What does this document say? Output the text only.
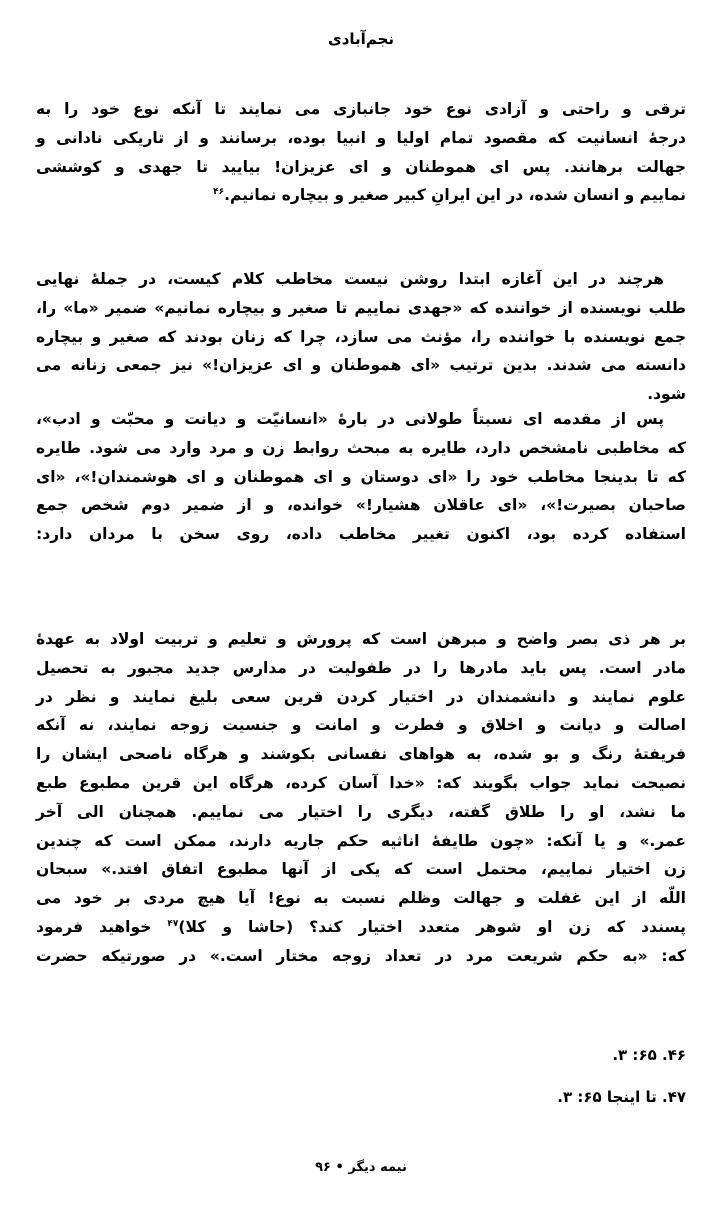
نجم‌آبادی
ترقی و راحتی و آزادی نوع خود جانبازی می نمایند تا آنکه نوع خود را به
درجهٔ انسانیت که مقصود تمام اولیا و انبیا بوده، برسانند و از تاریکی نادانی و
جهالت برهانند. پس ای هموطنان و ای عزیزان! بیایید تا جهدی و کوششی
نماییم و انسان شده، در این ایرانِ کبیر صغیر و بیچاره نمانیم.$^{۴۶}$
هرچند در این آغازه ابتدا روشن نیست مخاطب کلام کیست، در جملهٔ نهایی
طلب نویسنده از خواننده که «جهدی نماییم تا صغیر و بیچاره نمانیم» ضمیر «ما» را،
جمع نویسنده با خواننده را، مؤنث می سازد، چرا که زنان بودند که صغیر و بیچاره
دانسته می شدند. بدین ترتیب «ای هموطنان و ای عزیزان!» نیز جمعی زنانه می
شود.
پس از مقدمه ای نسبتاً طولانی در بارهٔ «انسانیّت و دیانت و محبّت و ادب»،
که مخاطبی نامشخص دارد، طایره به مبحث روابط زن و مرد وارد می شود. طایره
که تا بدینجا مخاطب خود را «ای دوستان و ای هموطنان و ای هوشمندان!»، «ای
صاحبان بصیرت!»، «ای عاقلان هشیار!» خوانده، و از ضمیر دوم شخص جمع
استفاده کرده بود، اکنون تغییر مخاطب داده، روی سخن با مردان دارد:
بر هر ذی بصر واضح و مبرهن است که پرورش و تعلیم و تربیت اولاد به عهدهٔ
مادر است. پس باید مادرها را در طفولیت در مدارس جدید مجبور به تحصیل
علوم نمایند و دانشمندان در اختیار کردن قرین سعی بلیغ نمایند و نظر در
اصالت و دیانت و اخلاق و فطرت و امانت و جنسیت زوجه نمایند، نه آنکه
فریفتهٔ رنگ و بو شده، به هواهای نفسانی بکوشند و هرگاه ناصحی ایشان را
نصیحت نماید جواب بگویند که: «خدا آسان کرده، هرگاه این قرین مطبوع طبع
ما نشد، او را طلاق گفته، دیگری را اختیار می نماییم. همچنان الی آخر
عمر.» و یا آنکه: «چون طایفهٔ اناثیه حکم جاریه دارند، ممکن است که چندین
زن اختیار نماییم، محتمل است که یکی از آنها مطبوع اتفاق افتد.» سبحان
اللّه از این غفلت و جهالت وظلم نسبت به نوع! آیا هیچ مردی بر خود می
پسندد که زن او شوهر متعدد اختیار کند؟ (حاشا و کلا)$^{۴۷}$ خواهید فرمود
که: «به حکم شریعت مرد در تعداد زوجه مختار است.» در صورتیکه حضرت
۴۶. ۶۵: ۳.
۴۷. تا اینجا ۶۵: ۳.
نیمه دیگر • ۹۶
